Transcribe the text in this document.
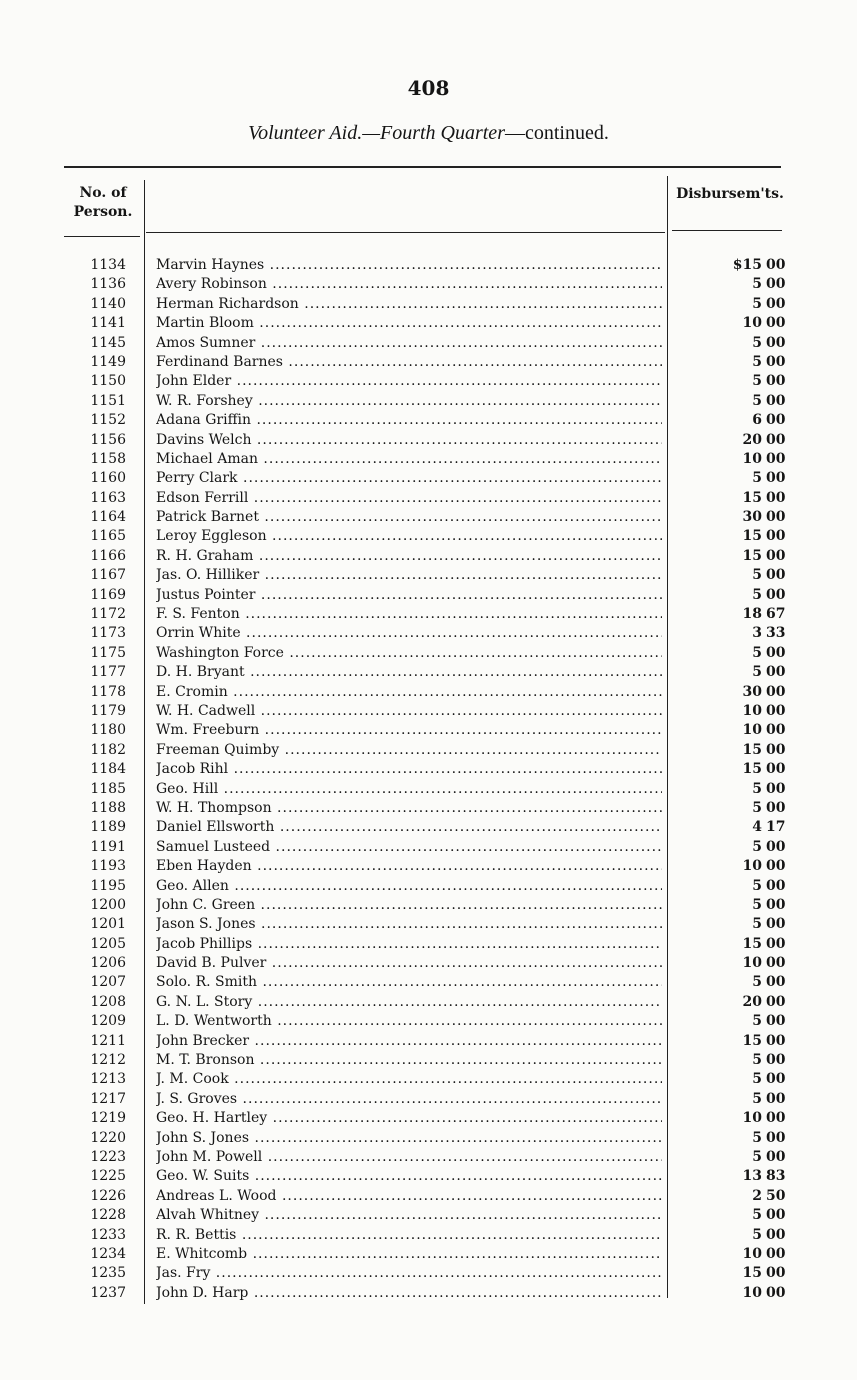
408
Volunteer Aid.—Fourth Quarter—continued.
No. of
Person.
Disbursem'ts.
1134 Marvin Haynes .....	$15 00
1136 Avery Robinson .....	5 00
1140 Herman Richardson .....	5 00
1141 Martin Bloom .....	10 00
1145 Amos Sumner .....	5 00
1149 Ferdinand Barnes .....	5 00
1150 John Elder .....	5 00
1151 W. R. Forshey .....	5 00
1152 Adana Griffin .....	6 00
1156 Davins Welch .....	20 00
1158 Michael Aman .....	10 00
1160 Perry Clark .....	5 00
1163 Edson Ferrill .....	15 00
1164 Patrick Barnet .....	30 00
1165 Leroy Eggleson .....	15 00
1166 R. H. Graham .....	15 00
1167 Jas. O. Hilliker .....	5 00
1169 Justus Pointer .....	5 00
1172 F. S. Fenton .....	18 67
1173 Orrin White .....	3 33
1175 Washington Force .....	5 00
1177 D. H. Bryant .....	5 00
1178 E. Cromin .....	30 00
1179 W. H. Cadwell .....	10 00
1180 Wm. Freeburn .....	10 00
1182 Freeman Quimby .....	15 00
1184 Jacob Rihl .....	15 00
1185 Geo. Hill .....	5 00
1188 W. H. Thompson .....	5 00
1189 Daniel Ellsworth .....	4 17
1191 Samuel Lusteed .....	5 00
1193 Eben Hayden .....	10 00
1195 Geo. Allen .....	5 00
1200 John C. Green .....	5 00
1201 Jason S. Jones .....	5 00
1205 Jacob Phillips .....	15 00
1206 David B. Pulver .....	10 00
1207 Solo. R. Smith .....	5 00
1208 G. N. L. Story .....	20 00
1209 L. D. Wentworth .....	5 00
1211 John Brecker .....	15 00
1212 M. T. Bronson .....	5 00
1213 J. M. Cook .....	5 00
1217 J. S. Groves .....	5 00
1219 Geo. H. Hartley .....	10 00
1220 John S. Jones .....	5 00
1223 John M. Powell .....	5 00
1225 Geo. W. Suits .....	13 83
1226 Andreas L. Wood .....	2 50
1228 Alvah Whitney .....	5 00
1233 R. R. Bettis .....	5 00
1234 E. Whitcomb .....	10 00
1235 Jas. Fry .....	15 00
1237 John D. Harp .....	10 00
